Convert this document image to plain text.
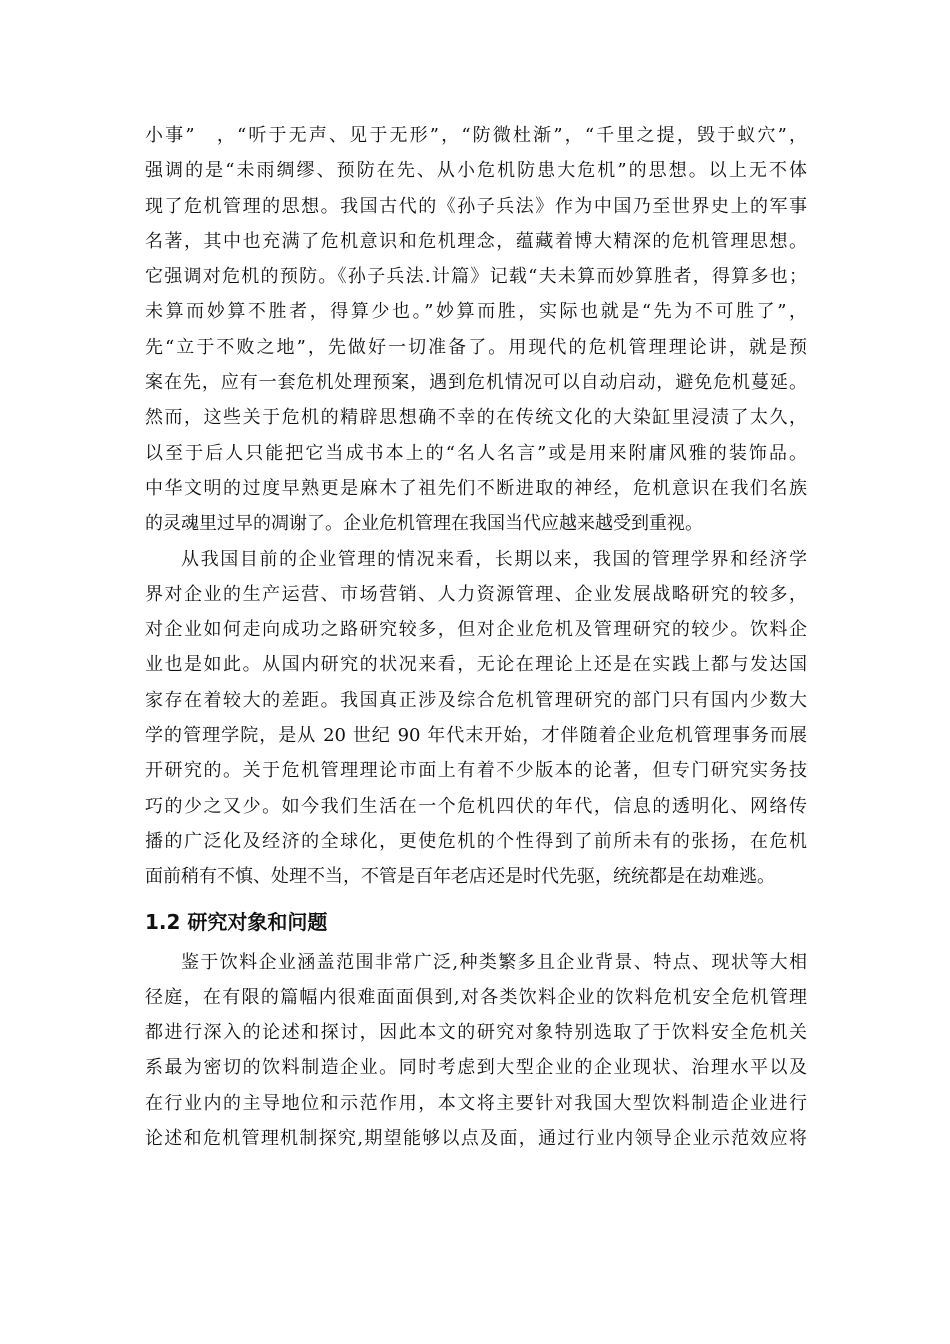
小事”　，“听于无声、见于无形”，“防微杜渐”，“千里之提，毁于蚁穴”，
强调的是“未雨绸缪、预防在先、从小危机防患大危机”的思想。以上无不体
现了危机管理的思想。我国古代的《孙子兵法》作为中国乃至世界史上的军事
名著，其中也充满了危机意识和危机理念，蕴藏着博大精深的危机管理思想。
它强调对危机的预防。《孙子兵法.计篇》记载“夫未算而妙算胜者，得算多也；
未算而妙算不胜者，得算少也。”妙算而胜，实际也就是“先为不可胜了”，
先“立于不败之地”，先做好一切准备了。用现代的危机管理理论讲，就是预
案在先，应有一套危机处理预案，遇到危机情况可以自动启动，避免危机蔓延。
然而，这些关于危机的精辟思想确不幸的在传统文化的大染缸里浸渍了太久，
以至于后人只能把它当成书本上的“名人名言”或是用来附庸风雅的装饰品。
中华文明的过度早熟更是麻木了祖先们不断进取的神经，危机意识在我们名族
的灵魂里过早的凋谢了。企业危机管理在我国当代应越来越受到重视。
从我国目前的企业管理的情况来看，长期以来，我国的管理学界和经济学
界对企业的生产运营、市场营销、人力资源管理、企业发展战略研究的较多，
对企业如何走向成功之路研究较多，但对企业危机及管理研究的较少。饮料企
业也是如此。从国内研究的状况来看，无论在理论上还是在实践上都与发达国
家存在着较大的差距。我国真正涉及综合危机管理研究的部门只有国内少数大
学的管理学院，是从 20 世纪 90 年代末开始，才伴随着企业危机管理事务而展
开研究的。关于危机管理理论市面上有着不少版本的论著，但专门研究实务技
巧的少之又少。如今我们生活在一个危机四伏的年代，信息的透明化、网络传
播的广泛化及经济的全球化，更使危机的个性得到了前所未有的张扬，在危机
面前稍有不慎、处理不当，不管是百年老店还是时代先驱，统统都是在劫难逃。
1.2 研究对象和问题
鉴于饮料企业涵盖范围非常广泛,种类繁多且企业背景、特点、现状等大相
径庭，在有限的篇幅内很难面面俱到,对各类饮料企业的饮料危机安全危机管理
都进行深入的论述和探讨，因此本文的研究对象特别选取了于饮料安全危机关
系最为密切的饮料制造企业。同时考虑到大型企业的企业现状、治理水平以及
在行业内的主导地位和示范作用，本文将主要针对我国大型饮料制造企业进行
论述和危机管理机制探究,期望能够以点及面，通过行业内领导企业示范效应将
